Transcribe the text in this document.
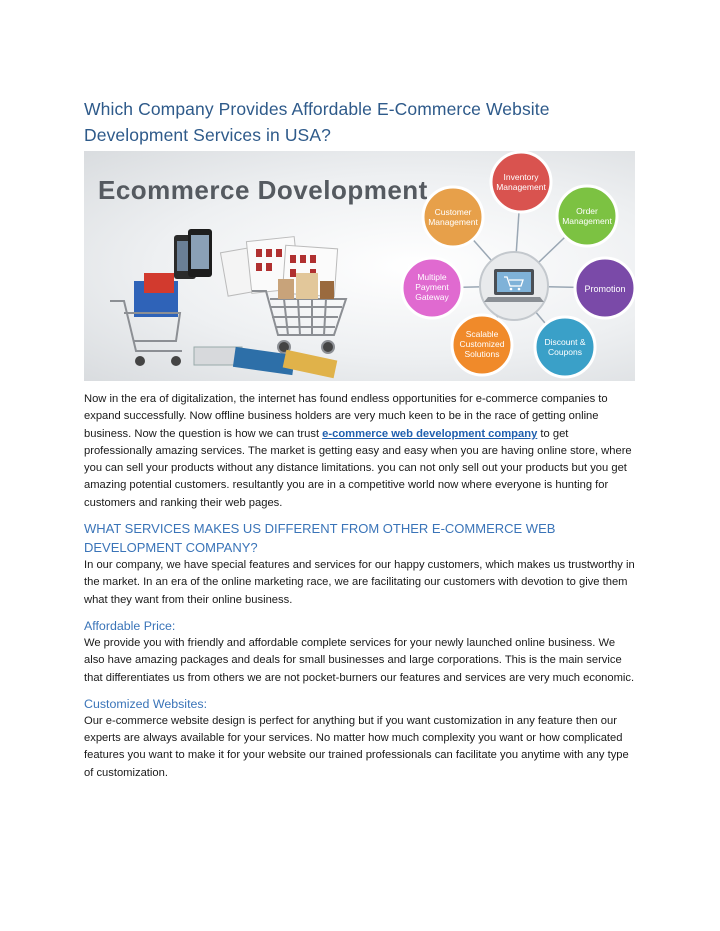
Which Company Provides Affordable E-Commerce Website Development Services in USA?
Ecommerce Dovelopment	Inventory
Management
Order
Management
Promotion
Discount &
Coupons
Scalable
Customized
Solutions
Multiple
Payment
Gateway
Customer
Management

Now in the era of digitalization, the internet has found endless opportunities for e-commerce companies to expand successfully. Now offline business holders are very much keen to be in the race of getting online business. Now the question is how we can trust e-commerce web development company to get professionally amazing services. The market is getting easy and easy when you are having online store, where you can sell your products without any distance limitations. you can not only sell out your products but you get amazing potential customers. resultantly you are in a competitive world now where everyone is hunting for customers and ranking their web pages.

WHAT SERVICES MAKES US DIFFERENT FROM OTHER E-COMMERCE WEB DEVELOPMENT COMPANY?

In our company, we have special features and services for our happy customers, which makes us trustworthy in the market. In an era of the online marketing race, we are facilitating our customers with devotion to give them what they want from their online business.

Affordable Price:

We provide you with friendly and affordable complete services for your newly launched online business. We also have amazing packages and deals for small businesses and large corporations. This is the main service that differentiates us from others we are not pocket-burners our features and services are very much economic.

Customized Websites:

Our e-commerce website design is perfect for anything but if you want customization in any feature then our experts are always available for your services. No matter how much complexity you want or how complicated features you want to make it for your website our trained professionals can facilitate you anytime with any type of customization.
